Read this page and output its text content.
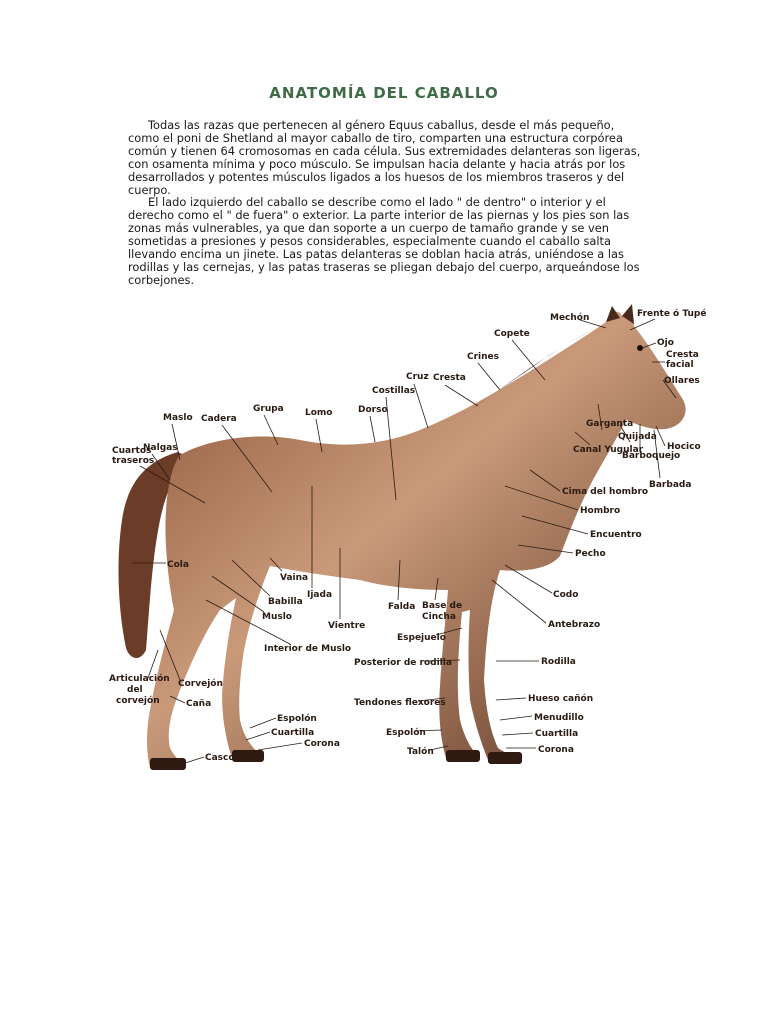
ANATOMÍA DEL CABALLO

Todas las razas que pertenecen al género Equus caballus, desde el más pequeño, como el poni de Shetland al mayor caballo de tiro, comparten una estructura corpórea común y tienen 64 cromosomas en cada célula. Sus extremidades delanteras son ligeras, con osamenta mínima y poco músculo. Se impulsan hacia delante y hacia atrás por los desarrollados y potentes músculos ligados a los huesos de los miembros traseros y del cuerpo.

El lado izquierdo del caballo se describe como el lado " de dentro" o interior y el derecho como el " de fuera" o exterior. La parte interior de las piernas y los pies son las zonas más vulnerables, ya que dan soporte a un cuerpo de tamaño grande y se ven sometidas a presiones y pesos considerables, especialmente cuando el caballo salta llevando encima un jinete. Las patas delanteras se doblan hacia atrás, uniéndose a las rodillas y las cernejas, y las patas traseras se pliegan debajo del cuerpo, arqueándose los corbejones.

Mechón	Frente ó Tupé
Ojo
Cresta
facial
Ollares
Copete
Crines
Cruz Cresta
Costillas
Dorso
Lomo
Grupa
Cadera
Maslo
Nalgas
Cuartos
traseros
Garganta
Quijada
Canal Yugular
Barboquejo
Hocico
Barbada
Cima del hombro
Hombro
Encuentro
Pecho
Codo
Antebrazo
Rodilla
Hueso cañón
Menudillo
Cuartilla
Corona
Cola
Vaina
Babilla
Ijada
Muslo
Vientre
Falda Base de
Cincha
Espejuelo
Interior de Muslo
Posterior de rodilla
Articulación
del
corvejón
Corvejón
Caña	Tendones flexores
Espolón
Cuartilla
Corona
Casco
Espolón
Talón
